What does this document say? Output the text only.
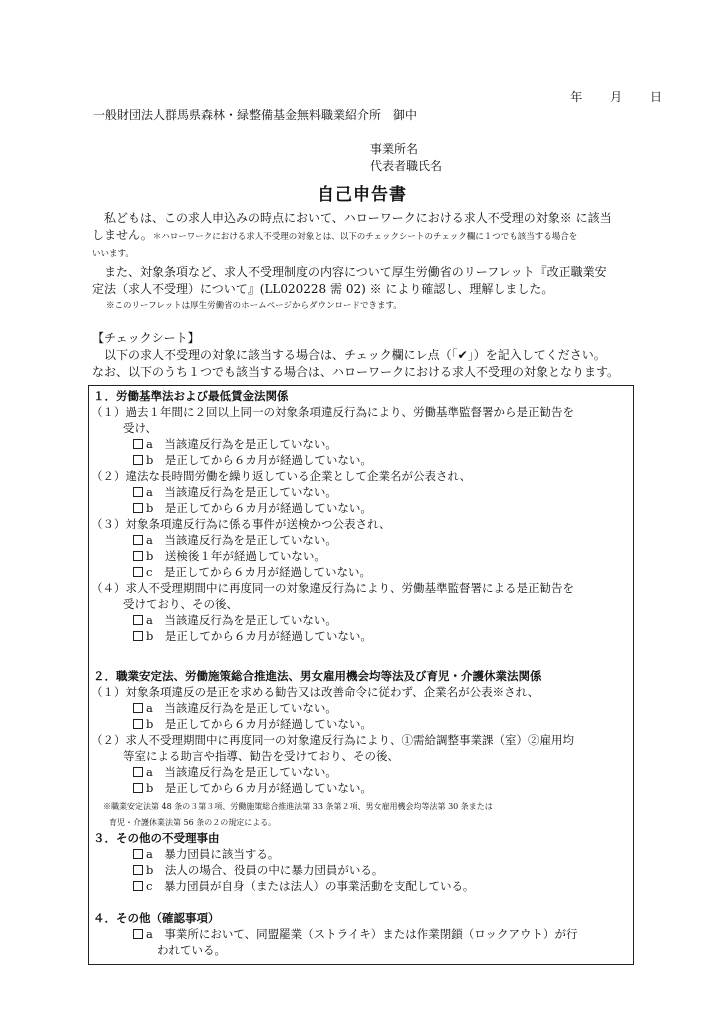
年 月 日
一般財団法人群馬県森林・緑整備基金無料職業紹介所　御中
事業所名
代表者職氏名
自己申告書
私どもは、この求人申込みの時点において、ハローワークにおける求人不受理の対象※ に該当
しません。＊ハローワークにおける求人不受理の対象とは、以下のチェックシートのチェック欄に１つでも該当する場合を
いいます。
また、対象条項など、求人不受理制度の内容について厚生労働省のリーフレット『改正職業安
定法（求人不受理）について』(LL020228 需 02) ※ により確認し、理解しました。
※このリーフレットは厚生労働省のホームページからダウンロードできます。
【チェックシート】
以下の求人不受理の対象に該当する場合は、チェック欄にレ点（「✔」）を記入してください。
なお、以下のうち１つでも該当する場合は、ハローワークにおける求人不受理の対象となります。
１．労働基準法および最低賃金法関係
（１）過去１年間に２回以上同一の対象条項違反行為により、労働基準監督署から是正勧告を
受け、
a　当該違反行為を是正していない。
b　是正してから６カ月が経過していない。
（２）違法な長時間労働を繰り返している企業として企業名が公表され、
a　当該違反行為を是正していない。
b　是正してから６カ月が経過していない。
（３）対象条項違反行為に係る事件が送検かつ公表され、
a　当該違反行為を是正していない。
b　送検後１年が経過していない。
c　是正してから６カ月が経過していない。
（４）求人不受理期間中に再度同一の対象違反行為により、労働基準監督署による是正勧告を
受けており、その後、
a　当該違反行為を是正していない。
b　是正してから６カ月が経過していない。
２．職業安定法、労働施策総合推進法、男女雇用機会均等法及び育児・介護休業法関係
（１）対象条項違反の是正を求める勧告又は改善命令に従わず、企業名が公表※され、
a　当該違反行為を是正していない。
b　是正してから６カ月が経過していない。
（２）求人不受理期間中に再度同一の対象違反行為により、①需給調整事業課（室）②雇用均
等室による助言や指導、勧告を受けており、その後、
a　当該違反行為を是正していない。
b　是正してから６カ月が経過していない。
※職業安定法第 48 条の３第３項、労働施策総合推進法第 33 条第２項、男女雇用機会均等法第 30 条または
育児・介護休業法第 56 条の２の規定による。
３．その他の不受理事由
a　暴力団員に該当する。
b　法人の場合、役員の中に暴力団員がいる。
c　暴力団員が自身（または法人）の事業活動を支配している。
４．その他（確認事項）
a　事業所において、同盟罷業（ストライキ）または作業閉鎖（ロックアウト）が行
われている。
